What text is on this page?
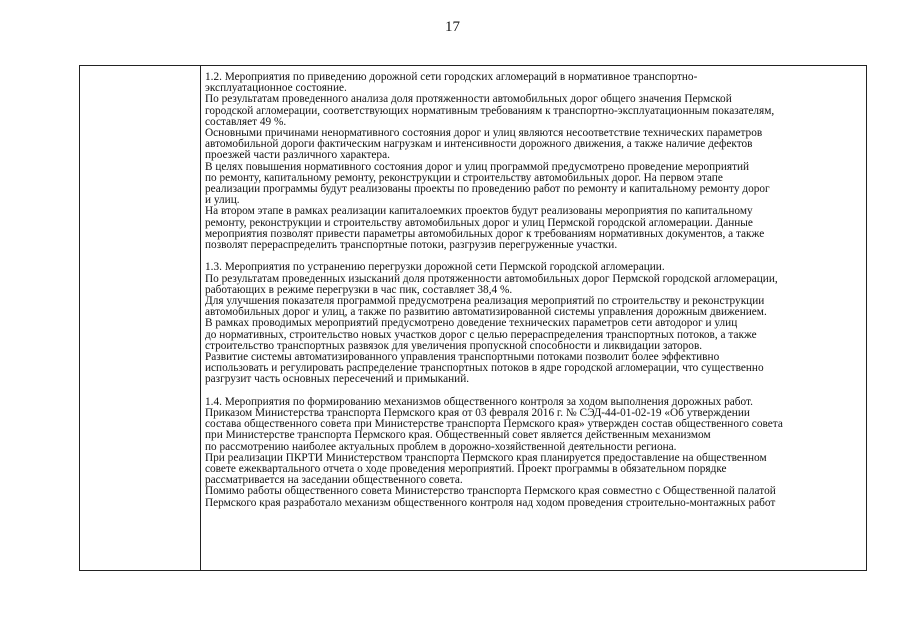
17
1.2. Мероприятия по приведению дорожной сети городских агломераций в нормативное транспортно-
эксплуатационное состояние.
По результатам проведенного анализа доля протяженности автомобильных дорог общего значения Пермской
городской агломерации, соответствующих нормативным требованиям к транспортно-эксплуатационным показателям,
составляет 49 %.
Основными причинами ненормативного состояния дорог и улиц являются несоответствие технических параметров
автомобильной дороги фактическим нагрузкам и интенсивности дорожного движения, а также наличие дефектов
проезжей части различного характера.
В целях повышения нормативного состояния дорог и улиц программой предусмотрено проведение мероприятий
по ремонту, капитальному ремонту, реконструкции и строительству автомобильных дорог. На первом этапе
реализации программы будут реализованы проекты по проведению работ по ремонту и капитальному ремонту дорог
и улиц.
На втором этапе в рамках реализации капиталоемких проектов будут реализованы мероприятия по капитальному
ремонту, реконструкции и строительству автомобильных дорог и улиц Пермской городской агломерации. Данные
мероприятия позволят привести параметры автомобильных дорог к требованиям нормативных документов, а также
позволят перераспределить транспортные потоки, разгрузив перегруженные участки.
1.3. Мероприятия по устранению перегрузки дорожной сети Пермской городской агломерации.
По результатам проведенных изысканий доля протяженности автомобильных дорог Пермской городской агломерации,
работающих в режиме перегрузки в час пик, составляет 38,4 %.
Для улучшения показателя программой предусмотрена реализация мероприятий по строительству и реконструкции
автомобильных дорог и улиц, а также по развитию автоматизированной системы управления дорожным движением.
В рамках проводимых мероприятий предусмотрено доведение технических параметров сети автодорог и улиц
до нормативных, строительство новых участков дорог с целью перераспределения транспортных потоков, а также
строительство транспортных развязок для увеличения пропускной способности и ликвидации заторов.
Развитие системы автоматизированного управления транспортными потоками позволит более эффективно
использовать и регулировать распределение транспортных потоков в ядре городской агломерации, что существенно
разгрузит часть основных пересечений и примыканий.
1.4. Мероприятия по формированию механизмов общественного контроля за ходом выполнения дорожных работ.
Приказом Министерства транспорта Пермского края от 03 февраля 2016 г. № СЭД-44-01-02-19 «Об утверждении
состава общественного совета при Министерстве транспорта Пермского края» утвержден состав общественного совета
при Министерстве транспорта Пермского края. Общественный совет является действенным механизмом
по рассмотрению наиболее актуальных проблем в дорожно-хозяйственной деятельности региона.
При реализации ПКРТИ Министерством транспорта Пермского края планируется предоставление на общественном
совете ежеквартального отчета о ходе проведения мероприятий. Проект программы в обязательном порядке
рассматривается на заседании общественного совета.
Помимо работы общественного совета Министерство транспорта Пермского края совместно с Общественной палатой
Пермского края разработало механизм общественного контроля над ходом проведения строительно-монтажных работ
